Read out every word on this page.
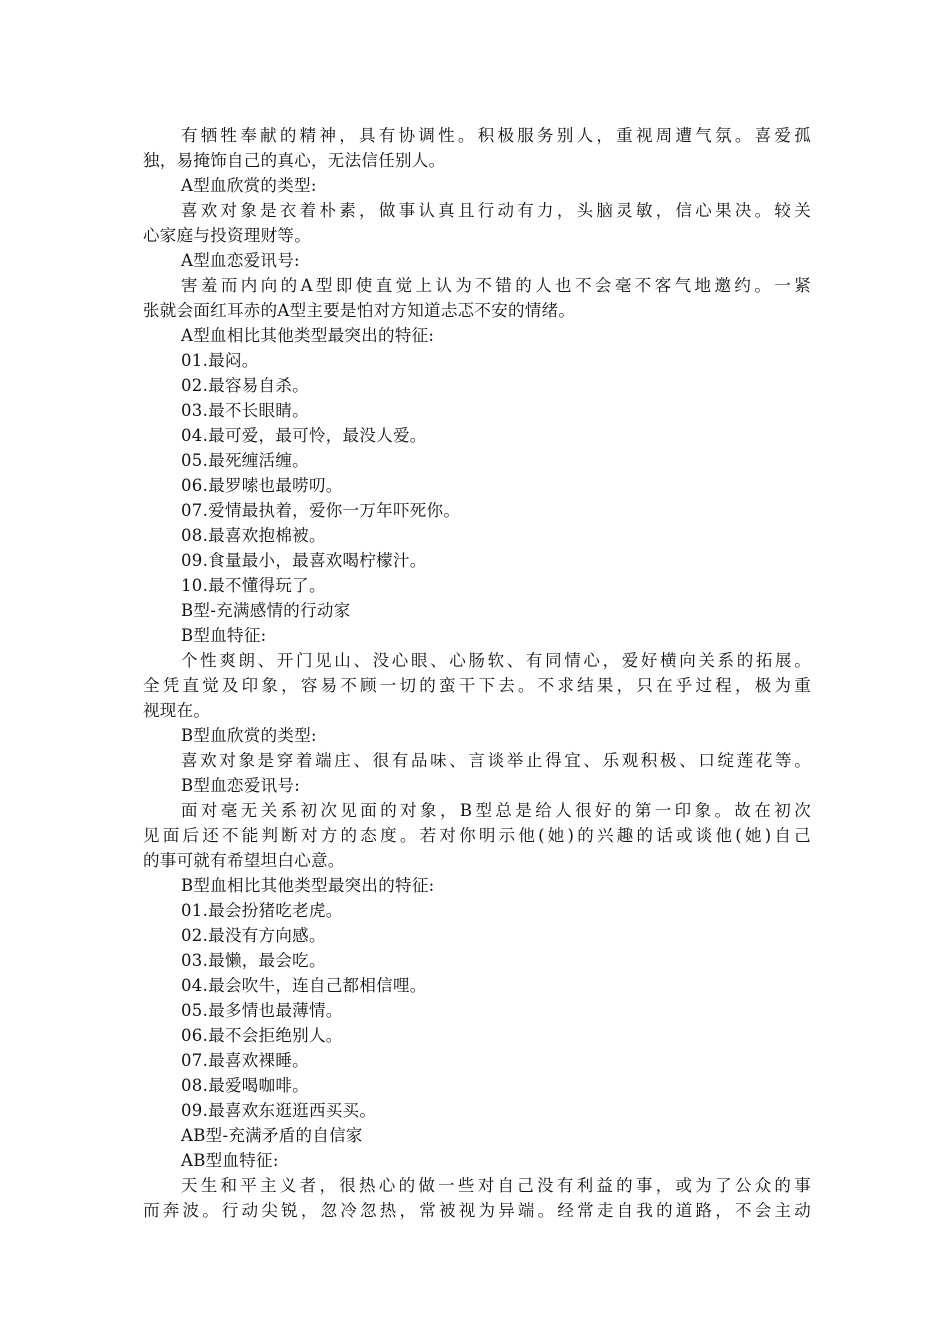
有牺牲奉献的精神，具有协调性。积极服务别人，重视周遭气氛。喜爱孤
独，易掩饰自己的真心，无法信任别人。
A型血欣赏的类型:
喜欢对象是衣着朴素，做事认真且行动有力，头脑灵敏，信心果决。较关
心家庭与投资理财等。
A型血恋爱讯号:
害羞而内向的A型即使直觉上认为不错的人也不会毫不客气地邀约。一紧
张就会面红耳赤的A型主要是怕对方知道忐忑不安的情绪。
A型血相比其他类型最突出的特征:
01.最闷。
02.最容易自杀。
03.最不长眼睛。
04.最可爱，最可怜，最没人爱。
05.最死缠活缠。
06.最罗嗦也最唠叨。
07.爱情最执着，爱你一万年吓死你。
08.最喜欢抱棉被。
09.食量最小，最喜欢喝柠檬汁。
10.最不懂得玩了。
B型-充满感情的行动家
B型血特征:
个性爽朗、开门见山、没心眼、心肠软、有同情心，爱好横向关系的拓展。
全凭直觉及印象，容易不顾一切的蛮干下去。不求结果，只在乎过程，极为重
视现在。
B型血欣赏的类型:
喜欢对象是穿着端庄、很有品味、言谈举止得宜、乐观积极、口绽莲花等。
B型血恋爱讯号:
面对毫无关系初次见面的对象，B型总是给人很好的第一印象。故在初次
见面后还不能判断对方的态度。若对你明示他(她)的兴趣的话或谈他(她)自己
的事可就有希望坦白心意。
B型血相比其他类型最突出的特征:
01.最会扮猪吃老虎。
02.最没有方向感。
03.最懒，最会吃。
04.最会吹牛，连自己都相信哩。
05.最多情也最薄情。
06.最不会拒绝别人。
07.最喜欢裸睡。
08.最爱喝咖啡。
09.最喜欢东逛逛西买买。
AB型-充满矛盾的自信家
AB型血特征:
天生和平主义者，很热心的做一些对自己没有利益的事，或为了公众的事
而奔波。行动尖锐，忽冷忽热，常被视为异端。经常走自我的道路，不会主动
